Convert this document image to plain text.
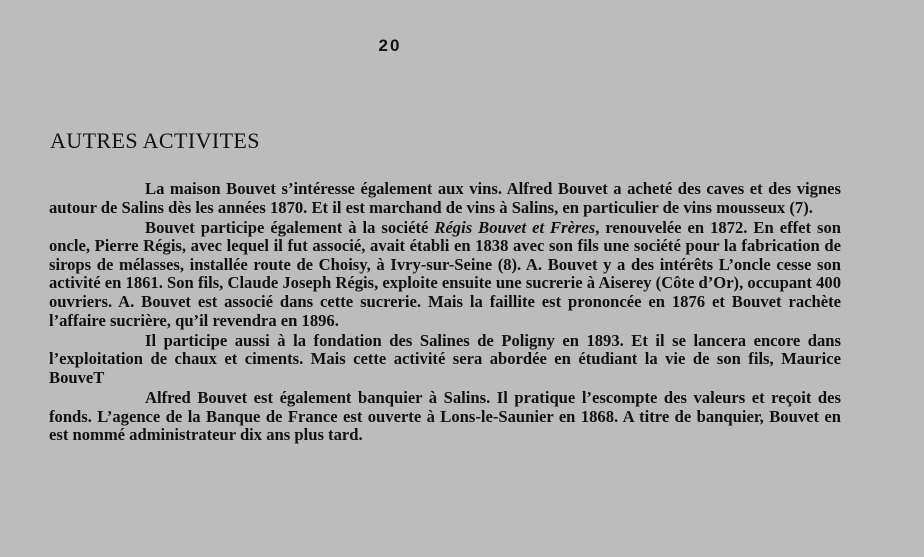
20
AUTRES ACTIVITES

La maison Bouvet s’intéresse également aux vins. Alfred Bouvet a acheté des caves et des vignes autour de Salins dès les années 1870. Et il est marchand de vins à Salins, en particulier de vins mousseux (7).

Bouvet participe également à la société Régis Bouvet et Frères, renouvelée en 1872. En effet son oncle, Pierre Régis, avec lequel il fut associé, avait établi en 1838 avec son fils une société pour la fabrication de sirops de mélasses, installée route de Choisy, à Ivry-sur-Seine (8). A. Bouvet y a des intérêts L’oncle cesse son activité en 1861. Son fils, Claude Joseph Régis, exploite ensuite une sucrerie à Aiserey (Côte d’Or), occupant 400 ouvriers. A. Bouvet est associé dans cette sucrerie. Mais la faillite est prononcée en 1876 et Bouvet rachète l’affaire sucrière, qu’il revendra en 1896.

Il participe aussi à la fondation des Salines de Poligny en 1893. Et il se lancera encore dans l’exploitation de chaux et ciments. Mais cette activité sera abordée en étudiant la vie de son fils, Maurice BouveT

Alfred Bouvet est également banquier à Salins. Il pratique l’escompte des valeurs et reçoit des fonds. L’agence de la Banque de France est ouverte à Lons-le-Saunier en 1868. A titre de banquier, Bouvet en est nommé administrateur dix ans plus tard.
